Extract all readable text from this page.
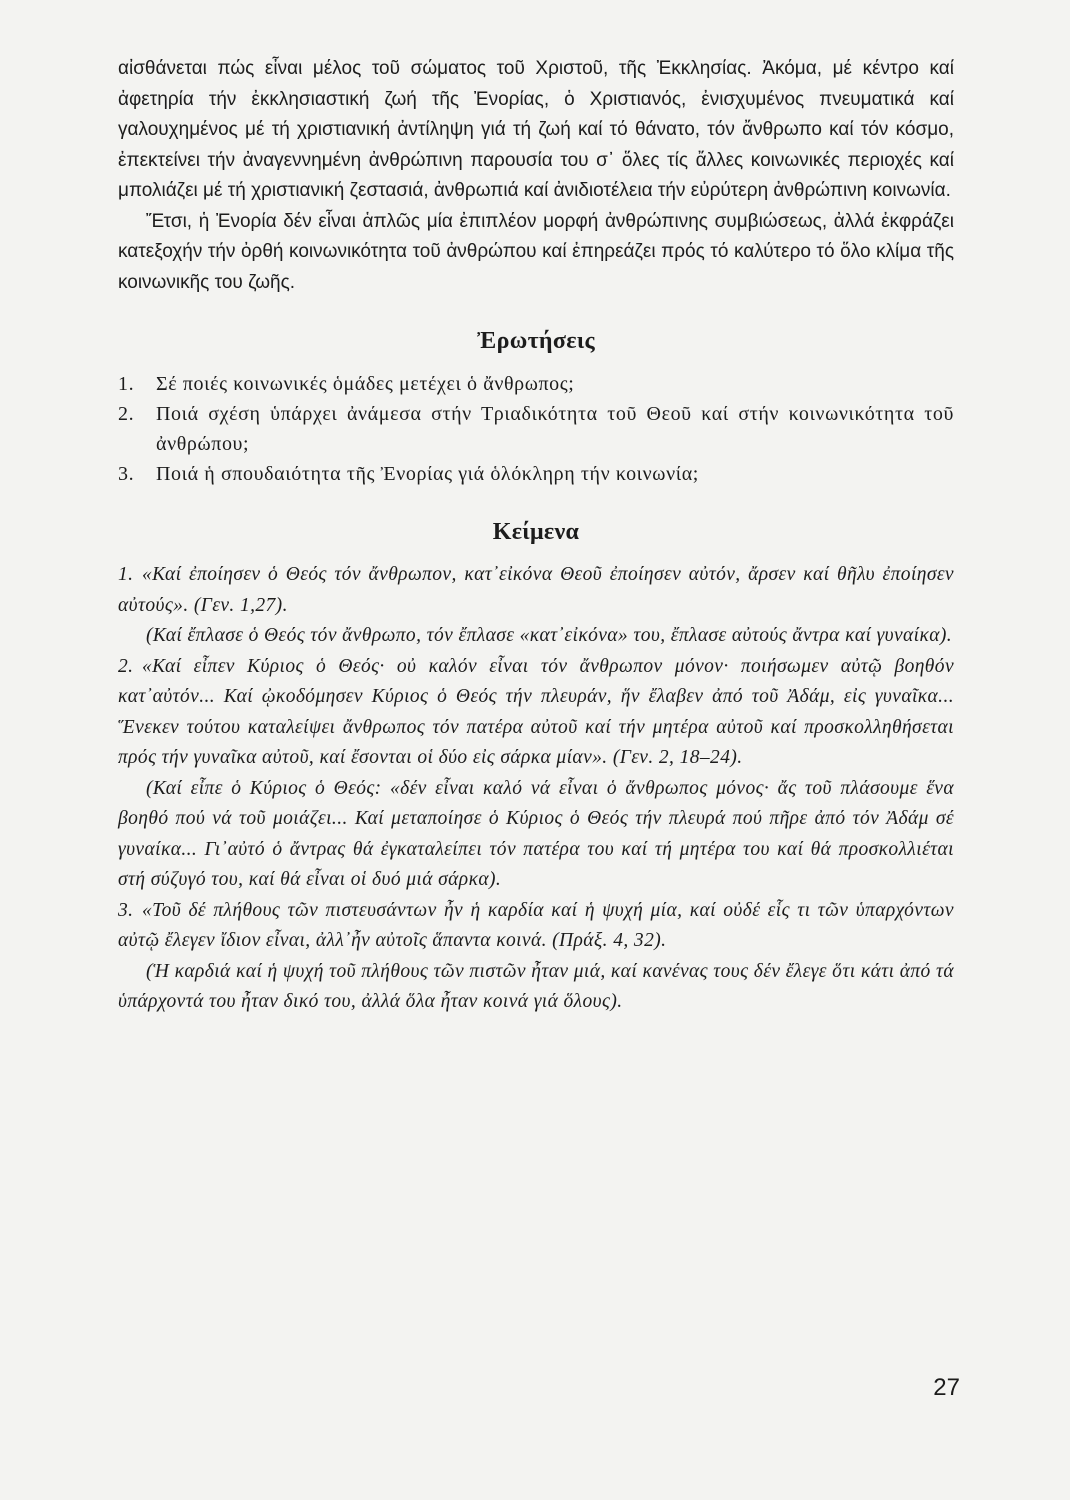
αἰσθάνεται πώς εἶναι μέλος τοῦ σώματος τοῦ Χριστοῦ, τῆς Ἐκκλησίας. Ἀκόμα, μέ κέντρο καί ἀφετηρία τήν ἐκκλησιαστική ζωή τῆς Ἐνορίας, ὁ Χριστιανός, ἐνισχυμένος πνευματικά καί γαλουχημένος μέ τή χριστιανική ἀντίληψη γιά τή ζωή καί τό θάνατο, τόν ἄνθρωπο καί τόν κόσμο, ἐπεκτείνει τήν ἀναγεννημένη ἀνθρώπινη παρουσία του σ᾿ ὅλες τίς ἄλλες κοινωνικές περιοχές καί μπολιάζει μέ τή χριστιανική ζεστασιά, ἀνθρωπιά καί ἀνιδιοτέλεια τήν εὐρύτερη ἀνθρώπινη κοινωνία.

Ἔτσι, ἡ Ἐνορία δέν εἶναι ἁπλῶς μία ἐπιπλέον μορφή ἀνθρώπινης συμβιώσεως, ἀλλά ἐκφράζει κατεξοχήν τήν ὀρθή κοινωνικότητα τοῦ ἀνθρώπου καί ἐπηρεάζει πρός τό καλύτερο τό ὅλο κλίμα τῆς κοινωνικῆς του ζωῆς.

Ἐρωτήσεις
1. Σέ ποιές κοινωνικές ὁμάδες μετέχει ὁ ἄνθρωπος;
2. Ποιά σχέση ὑπάρχει ἀνάμεσα στήν Τριαδικότητα τοῦ Θεοῦ καί στήν κοινωνικότητα τοῦ ἀνθρώπου;
3. Ποιά ἡ σπουδαιότητα τῆς Ἐνορίας γιά ὁλόκληρη τήν κοινωνία;
Κείμενα

1. «Καί ἐποίησεν ὁ Θεός τόν ἄνθρωπον, κατ᾿εἰκόνα Θεοῦ ἐποίησεν αὐτόν, ἄρσεν καί θῆλυ ἐποίησεν αὐτούς». (Γεν. 1,27).

(Καί ἔπλασε ὁ Θεός τόν ἄνθρωπο, τόν ἔπλασε «κατ᾿εἰκόνα» του, ἔπλασε αὐτούς ἄντρα καί γυναίκα).

2. «Καί εἶπεν Κύριος ὁ Θεός· οὐ καλόν εἶναι τόν ἄνθρωπον μόνον· ποιήσωμεν αὐτῷ βοηθόν κατ᾿αὐτόν... Καί ᾠκοδόμησεν Κύριος ὁ Θεός τήν πλευράν, ἥν ἔλαβεν ἀπό τοῦ Ἀδάμ, εἰς γυναῖκα... Ἕνεκεν τούτου καταλείψει ἄνθρωπος τόν πατέρα αὐτοῦ καί τήν μητέρα αὐτοῦ καί προσκολληθήσεται πρός τήν γυναῖκα αὐτοῦ, καί ἔσονται οἱ δύο εἰς σάρκα μίαν». (Γεν. 2, 18–24).

(Καί εἶπε ὁ Κύριος ὁ Θεός: «δέν εἶναι καλό νά εἶναι ὁ ἄνθρωπος μόνος· ἄς τοῦ πλάσουμε ἕνα βοηθό πού νά τοῦ μοιάζει... Καί μεταποίησε ὁ Κύριος ὁ Θεός τήν πλευρά πού πῆρε ἀπό τόν Ἀδάμ σέ γυναίκα... Γι᾿αὐτό ὁ ἄντρας θά ἐγκαταλείπει τόν πατέρα του καί τή μητέρα του καί θά προσκολλιέται στή σύζυγό του, καί θά εἶναι οἱ δυό μιά σάρκα).

3. «Τοῦ δέ πλήθους τῶν πιστευσάντων ἦν ἡ καρδία καί ἡ ψυχή μία, καί οὐδέ εἷς τι τῶν ὑπαρχόντων αὐτῷ ἔλεγεν ἴδιον εἶναι, ἀλλ᾿ἦν αὐτοῖς ἅπαντα κοινά. (Πράξ. 4, 32).

(Ἡ καρδιά καί ἡ ψυχή τοῦ πλήθους τῶν πιστῶν ἦταν μιά, καί κανένας τους δέν ἔλεγε ὅτι κάτι ἀπό τά ὑπάρχοντά του ἦταν δικό του, ἀλλά ὅλα ἦταν κοινά γιά ὅλους).

27
